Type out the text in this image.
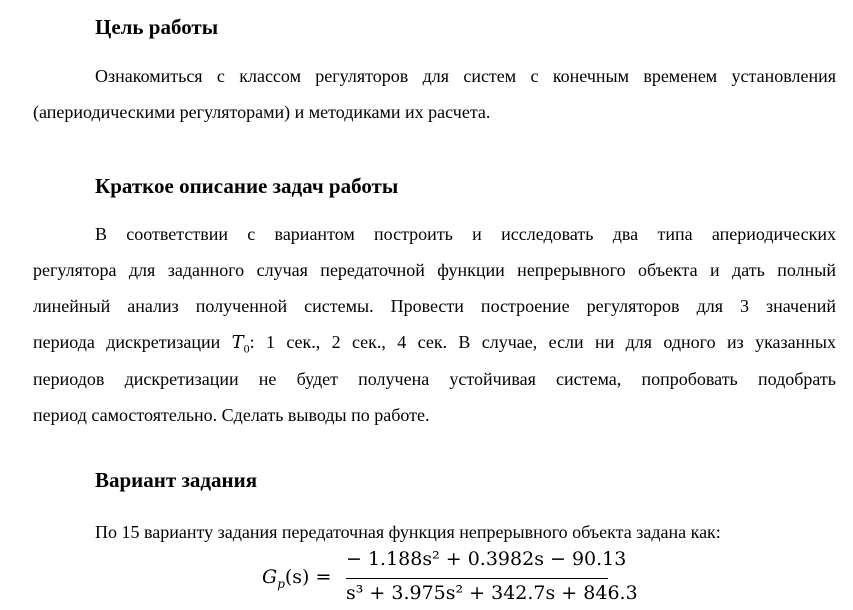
Цель работы
Ознакомиться с классом регуляторов для систем с конечным временем установления
(апериодическими регуляторами) и методиками их расчета.
Краткое описание задач работы
В соответствии с вариантом построить и исследовать два типа апериодических
регулятора для заданного случая передаточной функции непрерывного объекта и дать полный
линейный анализ полученной системы. Провести построение регуляторов для 3 значений
периода дискретизации $T_0$: 1 сек., 2 сек., 4 сек. В случае, если ни для одного из указанных
периодов дискретизации не будет получена устойчивая система, попробовать подобрать
период самостоятельно. Сделать выводы по работе.
Вариант задания
По 15 варианту задания передаточная функция непрерывного объекта задана как:
$G_p(s)$ =
− 1.188s² + 0.3982s − 90.13
s³ + 3.975s² + 342.7s + 846.3
